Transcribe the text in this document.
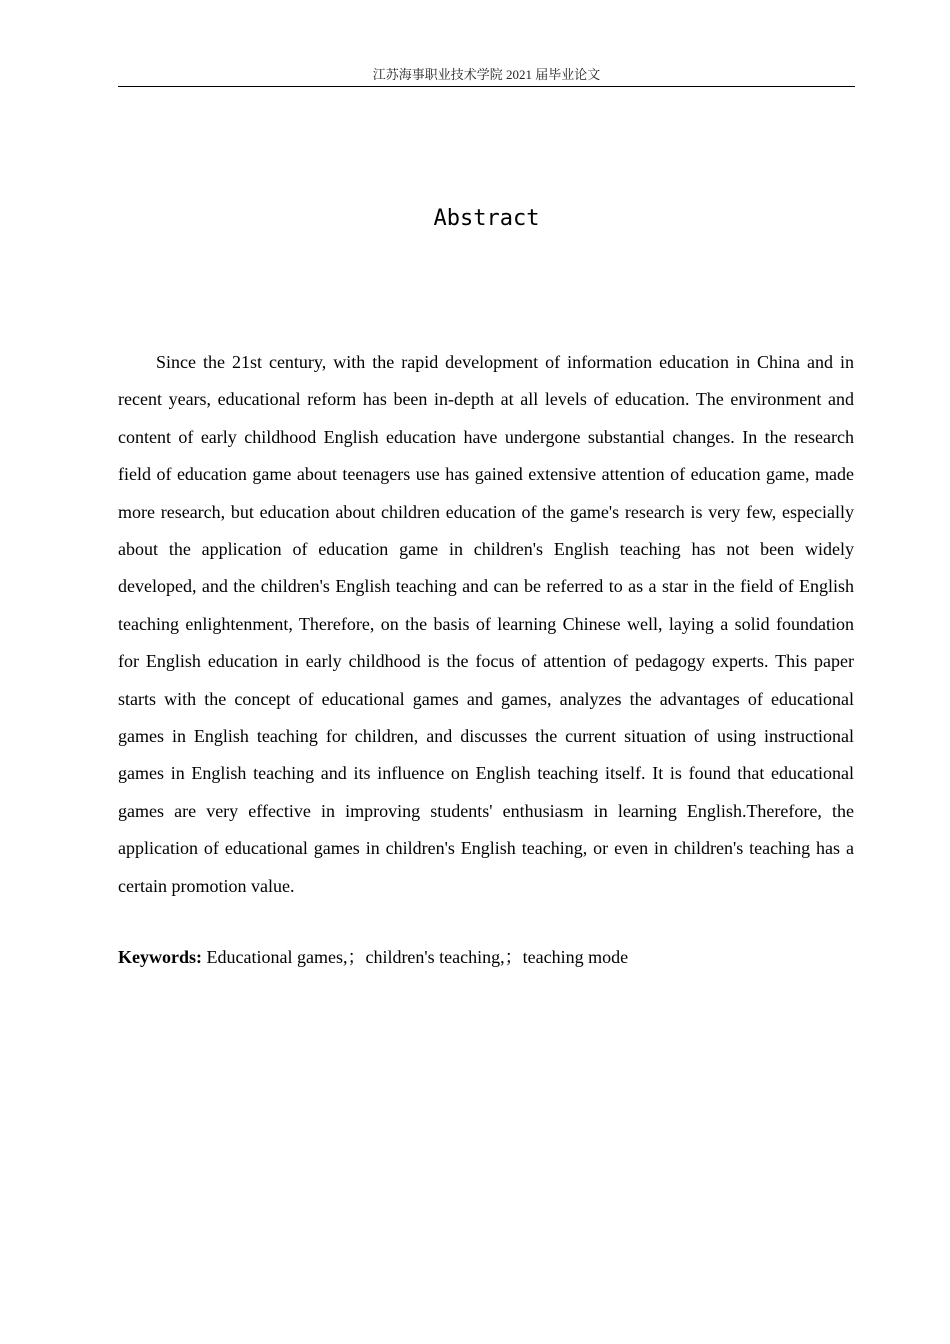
江苏海事职业技术学院 2021 届毕业论文
Abstract

Since the 21st century, with the rapid development of information education in China and in recent years, educational reform has been in-depth at all levels of education. The environment and content of early childhood English education have undergone substantial changes. In the research field of education game about teenagers use has gained extensive attention of education game, made more research, but education about children education of the game's research is very few, especially about the application of education game in children's English teaching has not been widely developed, and the children's English teaching and can be referred to as a star in the field of English teaching enlightenment, Therefore, on the basis of learning Chinese well, laying a solid foundation for English education in early childhood is the focus of attention of pedagogy experts. This paper starts with the concept of educational games and games, analyzes the advantages of educational games in English teaching for children, and discusses the current situation of using instructional games in English teaching and its influence on English teaching itself. It is found that educational games are very effective in improving students' enthusiasm in learning English.Therefore, the application of educational games in children's English teaching, or even in children's teaching has a certain promotion value.

Keywords: Educational games,；children's teaching,；teaching mode
